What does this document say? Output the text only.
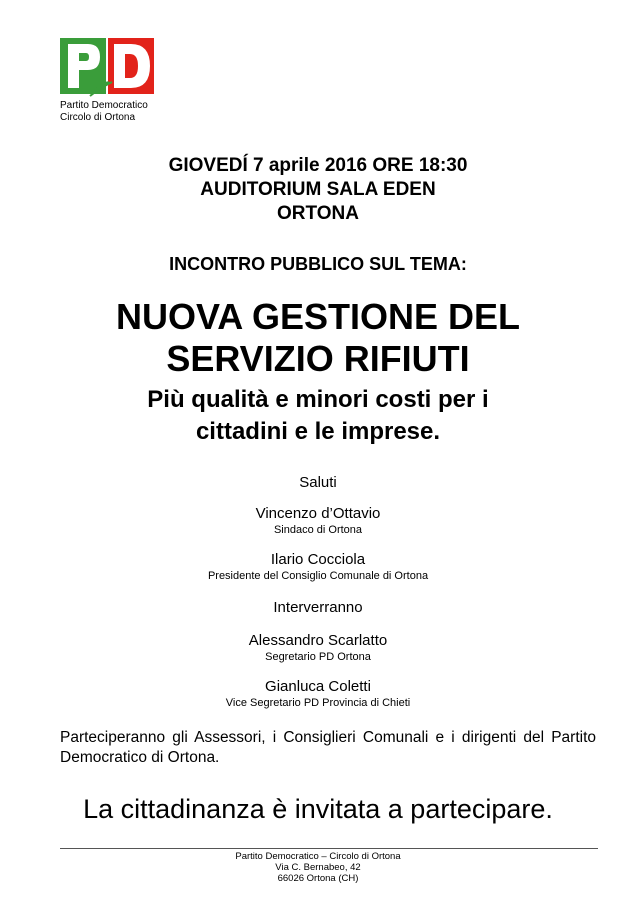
Partito Democratico
Circolo di Ortona
GIOVEDÍ 7 aprile 2016 ORE 18:30
AUDITORIUM SALA EDEN
ORTONA
INCONTRO PUBBLICO SUL TEMA:
NUOVA GESTIONE DEL
SERVIZIO RIFIUTI
Più qualità e minori costi per i
cittadini e le imprese.
Saluti
Vincenzo d’Ottavio
Sindaco di Ortona
Ilario Cocciola
Presidente del Consiglio Comunale di Ortona
Interverranno
Alessandro Scarlatto
Segretario PD Ortona
Gianluca Coletti
Vice Segretario PD Provincia di Chieti
Parteciperanno gli Assessori, i Consiglieri Comunali e i dirigenti del Partito Democratico di Ortona.
La cittadinanza è invitata a partecipare.
Partito Democratico – Circolo di Ortona
Via C. Bernabeo, 42
66026 Ortona (CH)
